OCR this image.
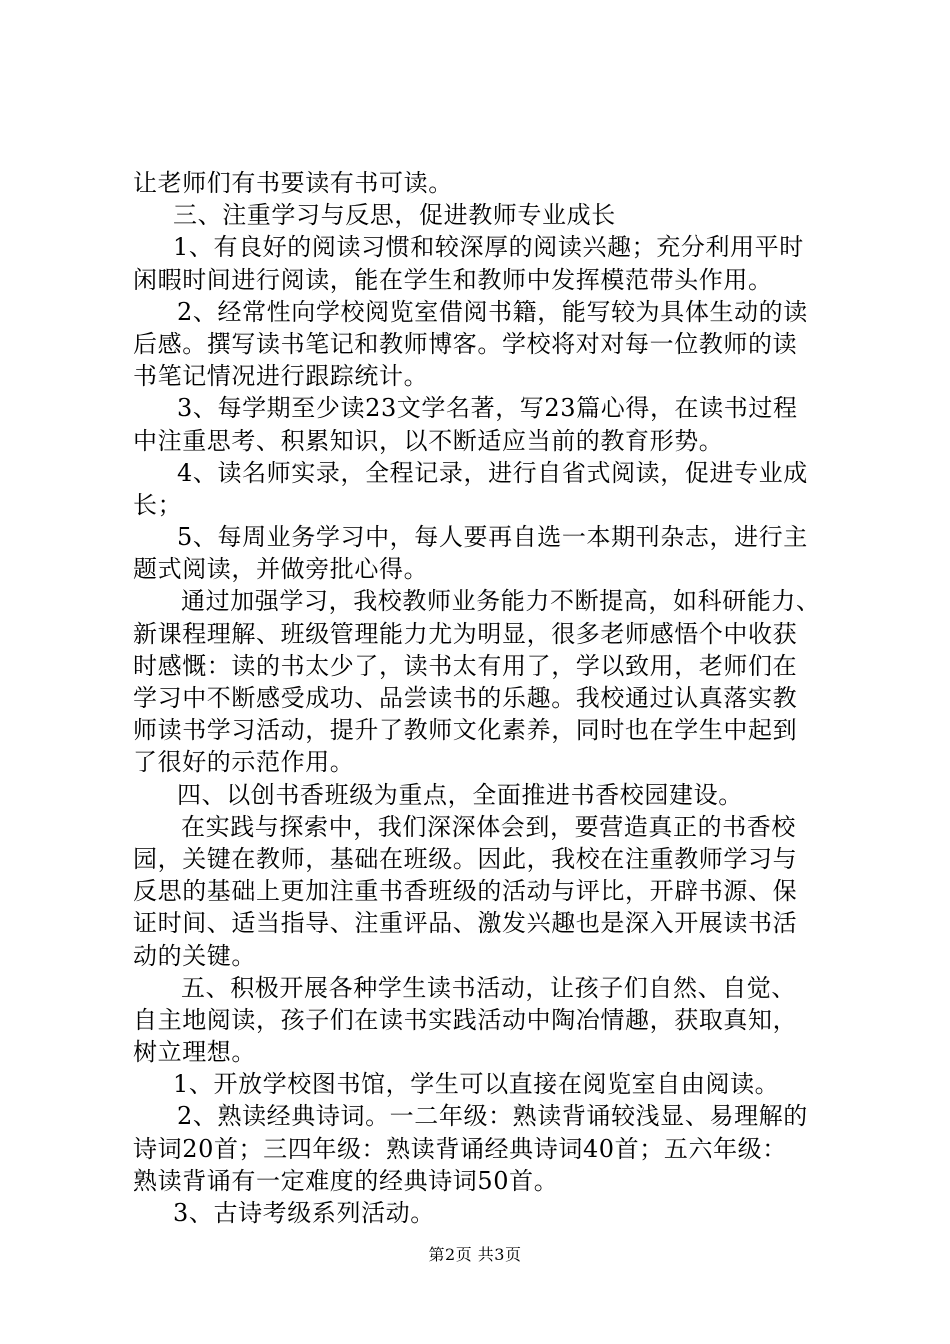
让老师们有书要读有书可读。
三、注重学习与反思，促进教师专业成长
1、有良好的阅读习惯和较深厚的阅读兴趣；充分利用平时
闲暇时间进行阅读，能在学生和教师中发挥模范带头作用。
2、经常性向学校阅览室借阅书籍，能写较为具体生动的读
后感。撰写读书笔记和教师博客。学校将对对每一位教师的读
书笔记情况进行跟踪统计。
3、每学期至少读23文学名著，写23篇心得，在读书过程
中注重思考、积累知识，以不断适应当前的教育形势。
4、读名师实录，全程记录，进行自省式阅读，促进专业成
长；
5、每周业务学习中，每人要再自选一本期刊杂志，进行主
题式阅读，并做旁批心得。
通过加强学习，我校教师业务能力不断提高，如科研能力、
新课程理解、班级管理能力尤为明显，很多老师感悟个中收获
时感慨：读的书太少了，读书太有用了，学以致用，老师们在
学习中不断感受成功、品尝读书的乐趣。我校通过认真落实教
师读书学习活动，提升了教师文化素养，同时也在学生中起到
了很好的示范作用。
四、以创书香班级为重点，全面推进书香校园建设。
在实践与探索中，我们深深体会到，要营造真正的书香校
园，关键在教师，基础在班级。因此，我校在注重教师学习与
反思的基础上更加注重书香班级的活动与评比，开辟书源、保
证时间、适当指导、注重评品、激发兴趣也是深入开展读书活
动的关键。
五、积极开展各种学生读书活动，让孩子们自然、自觉、
自主地阅读，孩子们在读书实践活动中陶冶情趣，获取真知，
树立理想。
1、开放学校图书馆，学生可以直接在阅览室自由阅读。
2、熟读经典诗词。一二年级：熟读背诵较浅显、易理解的
诗词20首；三四年级：熟读背诵经典诗词40首；五六年级：
熟读背诵有一定难度的经典诗词50首。
3、古诗考级系列活动。
第2页 共3页
